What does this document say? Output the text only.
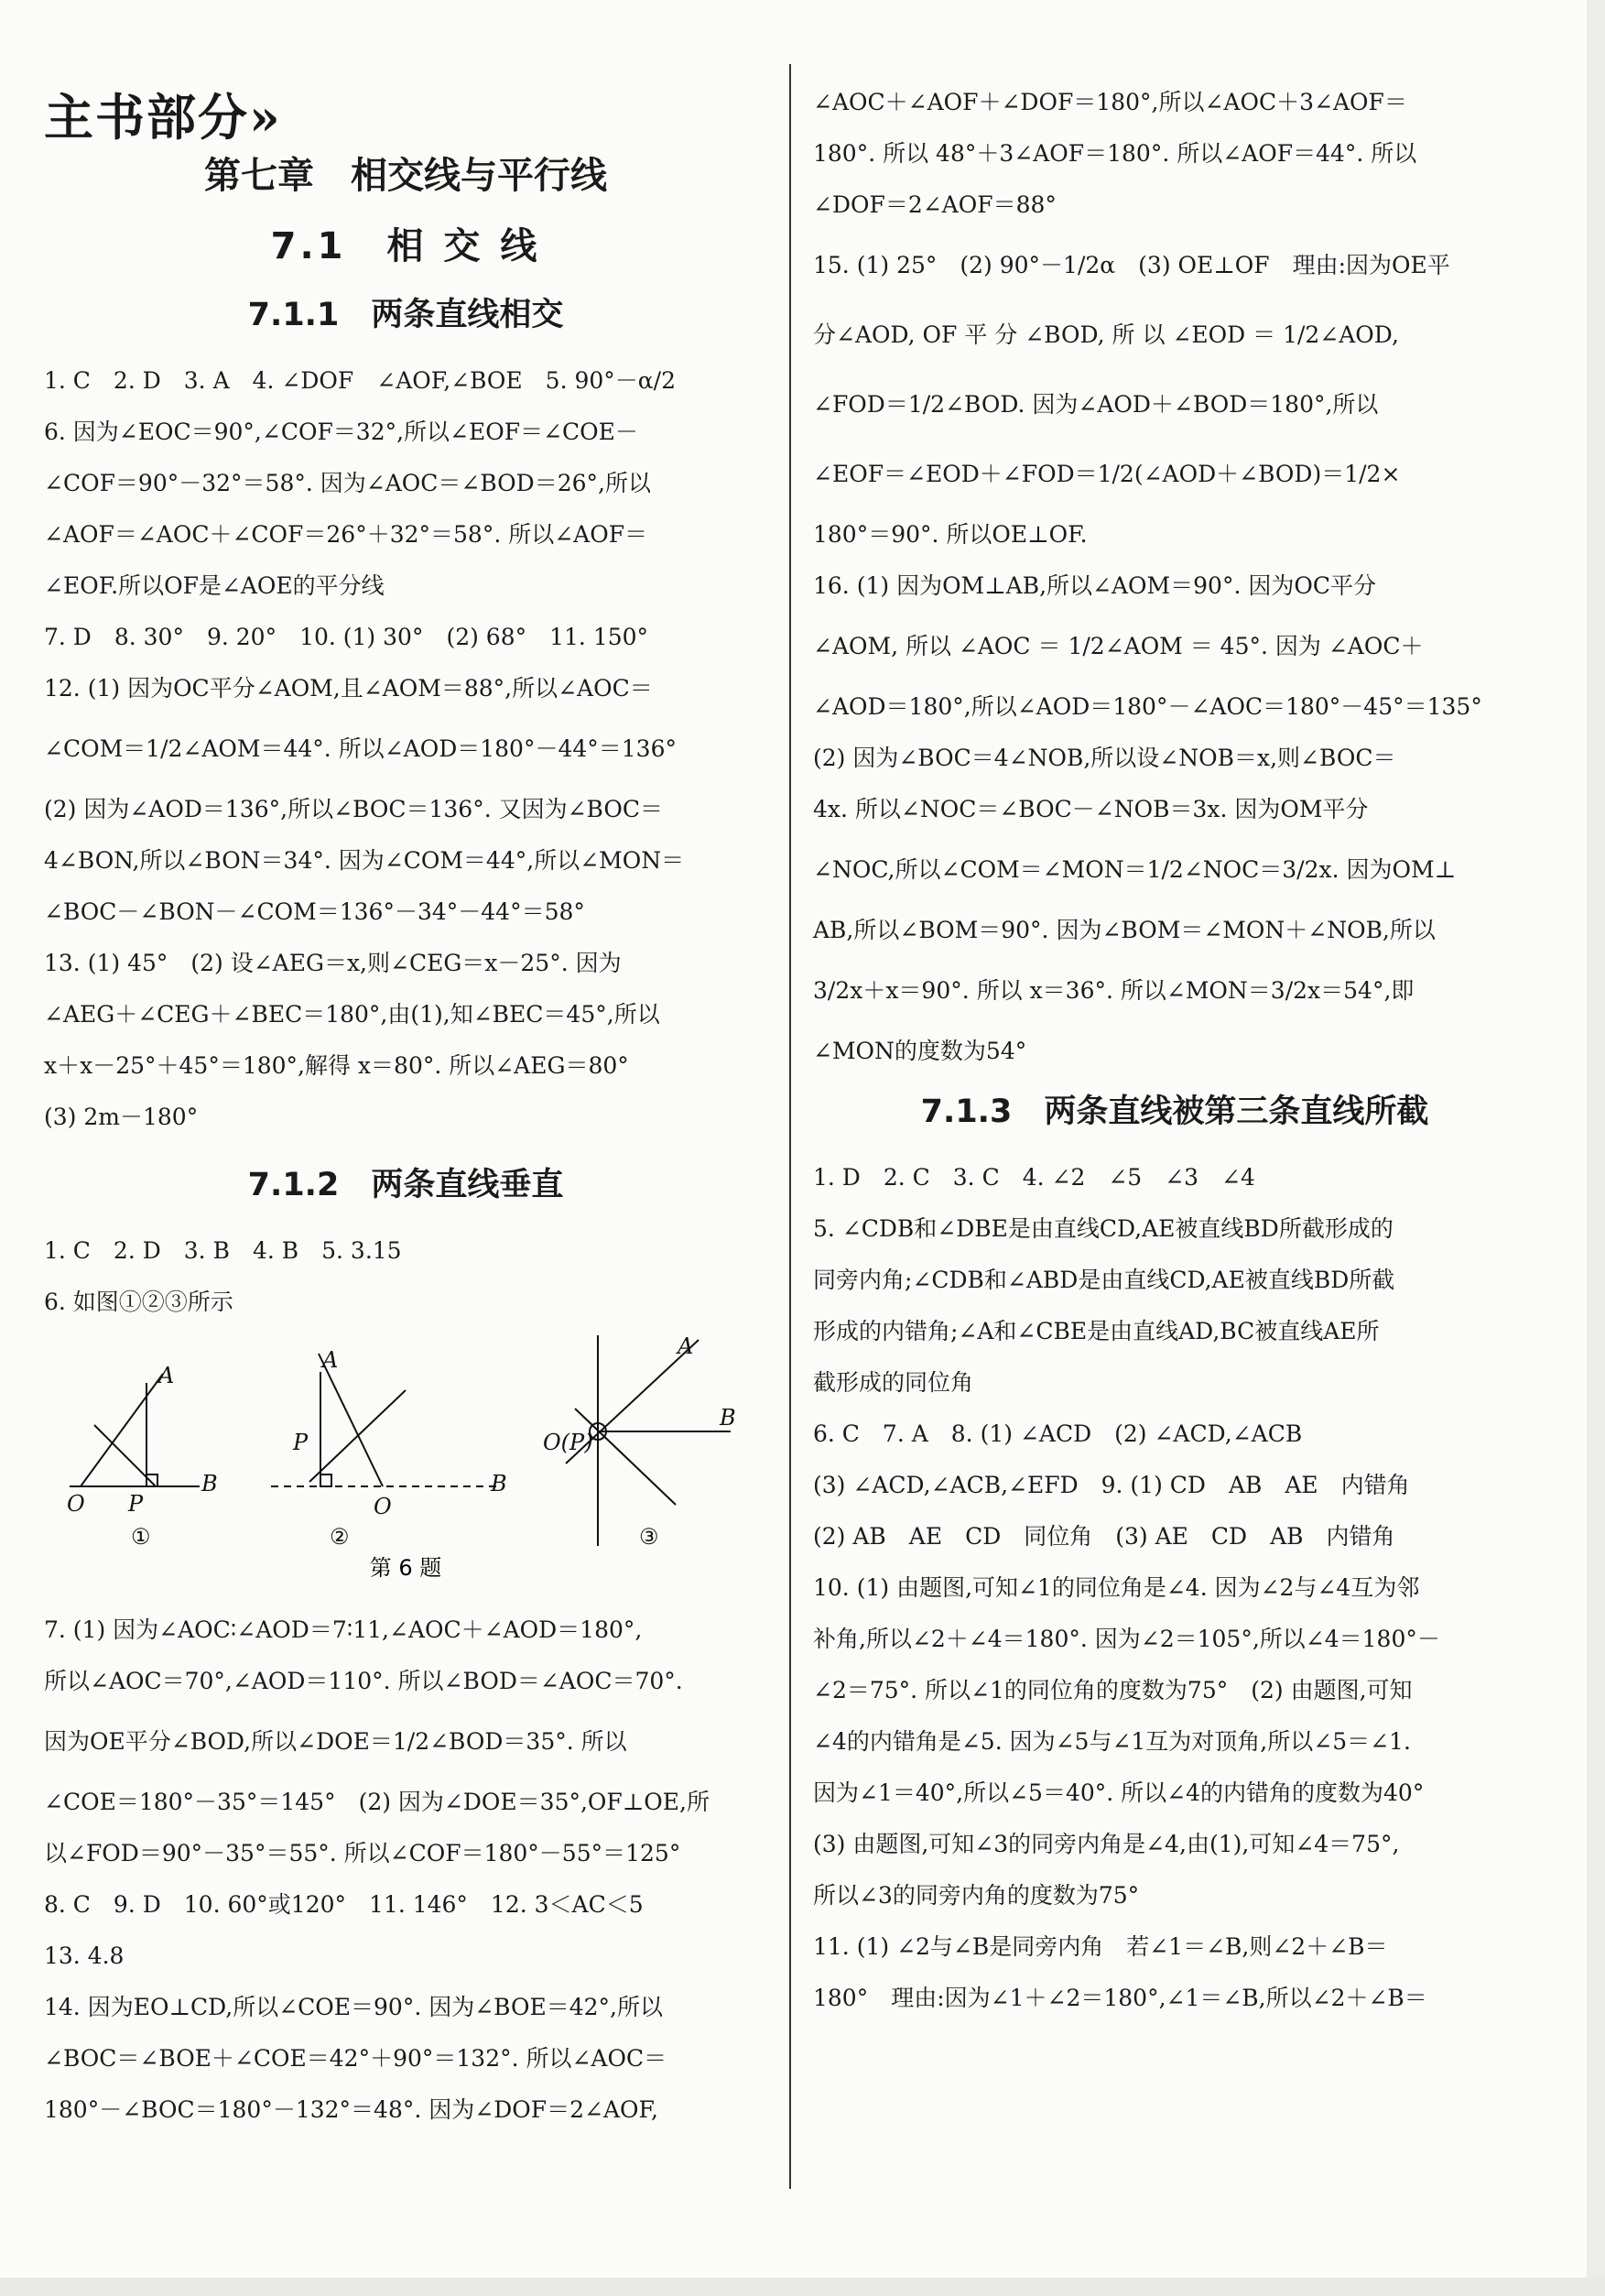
主书部分»
第七章　相交线与平行线
7.1　相 交 线
7.1.1　两条直线相交
1. C　2. D　3. A　4. ∠DOF　∠AOF,∠BOE　5. 90°－α/2
6. 因为∠EOC＝90°,∠COF＝32°,所以∠EOF＝∠COE－
∠COF＝90°－32°＝58°. 因为∠AOC＝∠BOD＝26°,所以
∠AOF＝∠AOC＋∠COF＝26°＋32°＝58°. 所以∠AOF＝
∠EOF.所以OF是∠AOE的平分线
7. D　8. 30°　9. 20°　10. (1) 30°　(2) 68°　11. 150°
12. (1) 因为OC平分∠AOM,且∠AOM＝88°,所以∠AOC＝
∠COM＝1/2∠AOM＝44°. 所以∠AOD＝180°－44°＝136°
(2) 因为∠AOD＝136°,所以∠BOC＝136°. 又因为∠BOC＝
4∠BON,所以∠BON＝34°. 因为∠COM＝44°,所以∠MON＝
∠BOC－∠BON－∠COM＝136°－34°－44°＝58°
13. (1) 45°　(2) 设∠AEG＝x,则∠CEG＝x－25°. 因为
∠AEG＋∠CEG＋∠BEC＝180°,由(1),知∠BEC＝45°,所以
x＋x－25°＋45°＝180°,解得 x＝80°. 所以∠AEG＝80°
(3) 2m－180°
7.1.2　两条直线垂直
1. C　2. D　3. B　4. B　5. 3.15
6. 如图①②③所示
A
O P
B
①
A
P
O
B
②
A
O(P)
B
③
第 6 题
7. (1) 因为∠AOC∶∠AOD＝7∶11,∠AOC＋∠AOD＝180°,
所以∠AOC＝70°,∠AOD＝110°. 所以∠BOD＝∠AOC＝70°.
因为OE平分∠BOD,所以∠DOE＝1/2∠BOD＝35°. 所以
∠COE＝180°－35°＝145°　(2) 因为∠DOE＝35°,OF⊥OE,所
以∠FOD＝90°－35°＝55°. 所以∠COF＝180°－55°＝125°
8. C　9. D　10. 60°或120°　11. 146°　12. 3＜AC＜5
13. 4.8
14. 因为EO⊥CD,所以∠COE＝90°. 因为∠BOE＝42°,所以
∠BOC＝∠BOE＋∠COE＝42°＋90°＝132°. 所以∠AOC＝
180°－∠BOC＝180°－132°＝48°. 因为∠DOF＝2∠AOF,
∠AOC＋∠AOF＋∠DOF＝180°,所以∠AOC＋3∠AOF＝
180°. 所以 48°＋3∠AOF＝180°. 所以∠AOF＝44°. 所以
∠DOF＝2∠AOF＝88°
15. (1) 25°　(2) 90°－1/2α　(3) OE⊥OF　理由:因为OE平
分∠AOD, OF 平 分 ∠BOD, 所 以 ∠EOD ＝ 1/2∠AOD,
∠FOD＝1/2∠BOD. 因为∠AOD＋∠BOD＝180°,所以
∠EOF＝∠EOD＋∠FOD＝1/2(∠AOD＋∠BOD)＝1/2×
180°＝90°. 所以OE⊥OF.
16. (1) 因为OM⊥AB,所以∠AOM＝90°. 因为OC平分
∠AOM, 所以 ∠AOC ＝ 1/2∠AOM ＝ 45°. 因为 ∠AOC＋
∠AOD＝180°,所以∠AOD＝180°－∠AOC＝180°－45°＝135°
(2) 因为∠BOC＝4∠NOB,所以设∠NOB＝x,则∠BOC＝
4x. 所以∠NOC＝∠BOC－∠NOB＝3x. 因为OM平分
∠NOC,所以∠COM＝∠MON＝1/2∠NOC＝3/2x. 因为OM⊥
AB,所以∠BOM＝90°. 因为∠BOM＝∠MON＋∠NOB,所以
3/2x＋x＝90°. 所以 x＝36°. 所以∠MON＝3/2x＝54°,即
∠MON的度数为54°
7.1.3　两条直线被第三条直线所截
1. D　2. C　3. C　4. ∠2　∠5　∠3　∠4
5. ∠CDB和∠DBE是由直线CD,AE被直线BD所截形成的
同旁内角;∠CDB和∠ABD是由直线CD,AE被直线BD所截
形成的内错角;∠A和∠CBE是由直线AD,BC被直线AE所
截形成的同位角
6. C　7. A　8. (1) ∠ACD　(2) ∠ACD,∠ACB
(3) ∠ACD,∠ACB,∠EFD　9. (1) CD　AB　AE　内错角
(2) AB　AE　CD　同位角　(3) AE　CD　AB　内错角
10. (1) 由题图,可知∠1的同位角是∠4. 因为∠2与∠4互为邻
补角,所以∠2＋∠4＝180°. 因为∠2＝105°,所以∠4＝180°－
∠2＝75°. 所以∠1的同位角的度数为75°　(2) 由题图,可知
∠4的内错角是∠5. 因为∠5与∠1互为对顶角,所以∠5＝∠1.
因为∠1＝40°,所以∠5＝40°. 所以∠4的内错角的度数为40°
(3) 由题图,可知∠3的同旁内角是∠4,由(1),可知∠4＝75°,
所以∠3的同旁内角的度数为75°
11. (1) ∠2与∠B是同旁内角　若∠1＝∠B,则∠2＋∠B＝
180°　理由:因为∠1＋∠2＝180°,∠1＝∠B,所以∠2＋∠B＝
